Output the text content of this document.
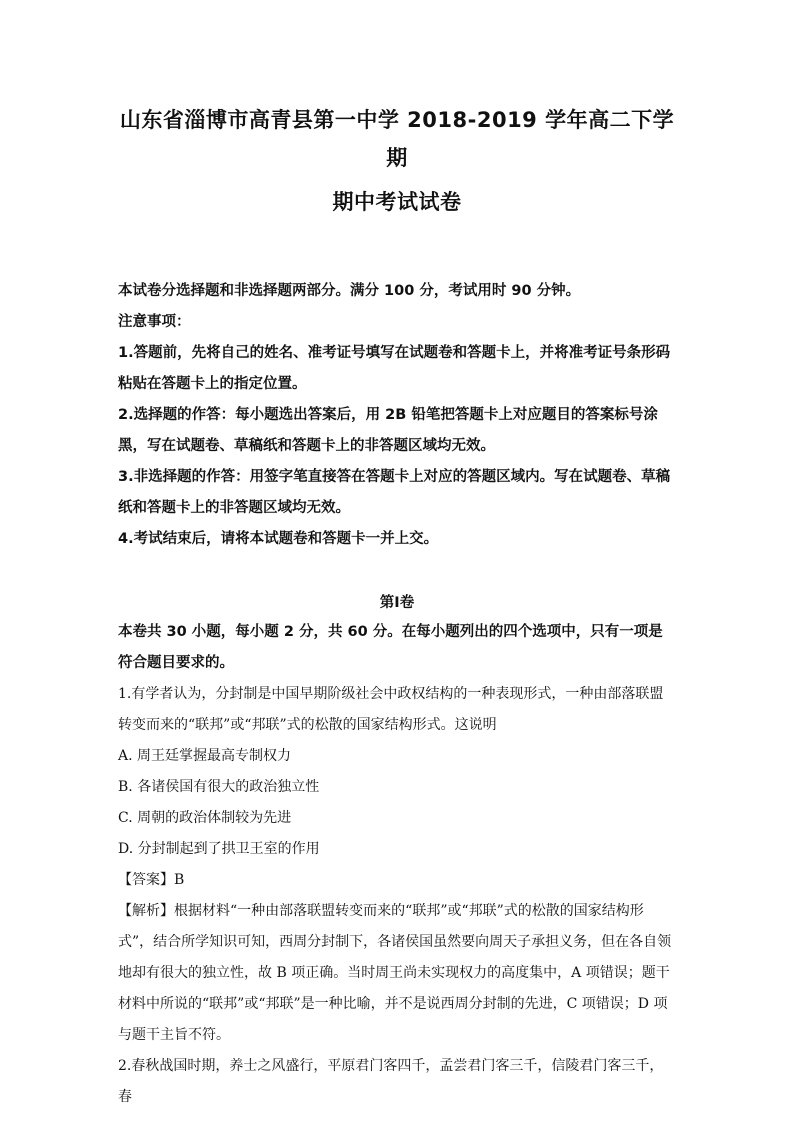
山东省淄博市高青县第一中学 2018-2019 学年高二下学期
期中考试试卷

本试卷分选择题和非选择题两部分。满分 100 分，考试用时 90 分钟。

注意事项：

1.答题前，先将自己的姓名、准考证号填写在试题卷和答题卡上，并将准考证号条形码粘贴在答题卡上的指定位置。

2.选择题的作答：每小题选出答案后，用 2B 铅笔把答题卡上对应题目的答案标号涂黑，写在试题卷、草稿纸和答题卡上的非答题区域均无效。

3.非选择题的作答：用签字笔直接答在答题卡上对应的答题区域内。写在试题卷、草稿纸和答题卡上的非答题区域均无效。

4.考试结束后，请将本试题卷和答题卡一并上交。

第Ⅰ卷

本卷共 30 小题，每小题 2 分，共 60 分。在每小题列出的四个选项中，只有一项是符合题目要求的。

1.有学者认为，分封制是中国早期阶级社会中政权结构的一种表现形式，一种由部落联盟转变而来的“联邦”或“邦联”式的松散的国家结构形式。这说明

A. 周王廷掌握最高专制权力

B. 各诸侯国有很大的政治独立性

C. 周朝的政治体制较为先进

D. 分封制起到了拱卫王室的作用

【答案】B

【解析】根据材料“一种由部落联盟转变而来的“联邦”或“邦联”式的松散的国家结构形式”，结合所学知识可知，西周分封制下，各诸侯国虽然要向周天子承担义务，但在各自领地却有很大的独立性，故 B 项正确。当时周王尚未实现权力的高度集中，A 项错误；题干材料中所说的“联邦”或“邦联”是一种比喻，并不是说西周分封制的先进，C 项错误；D 项与题干主旨不符。

2.春秋战国时期，养士之风盛行，平原君门客四千，孟尝君门客三千，信陵君门客三千，春
